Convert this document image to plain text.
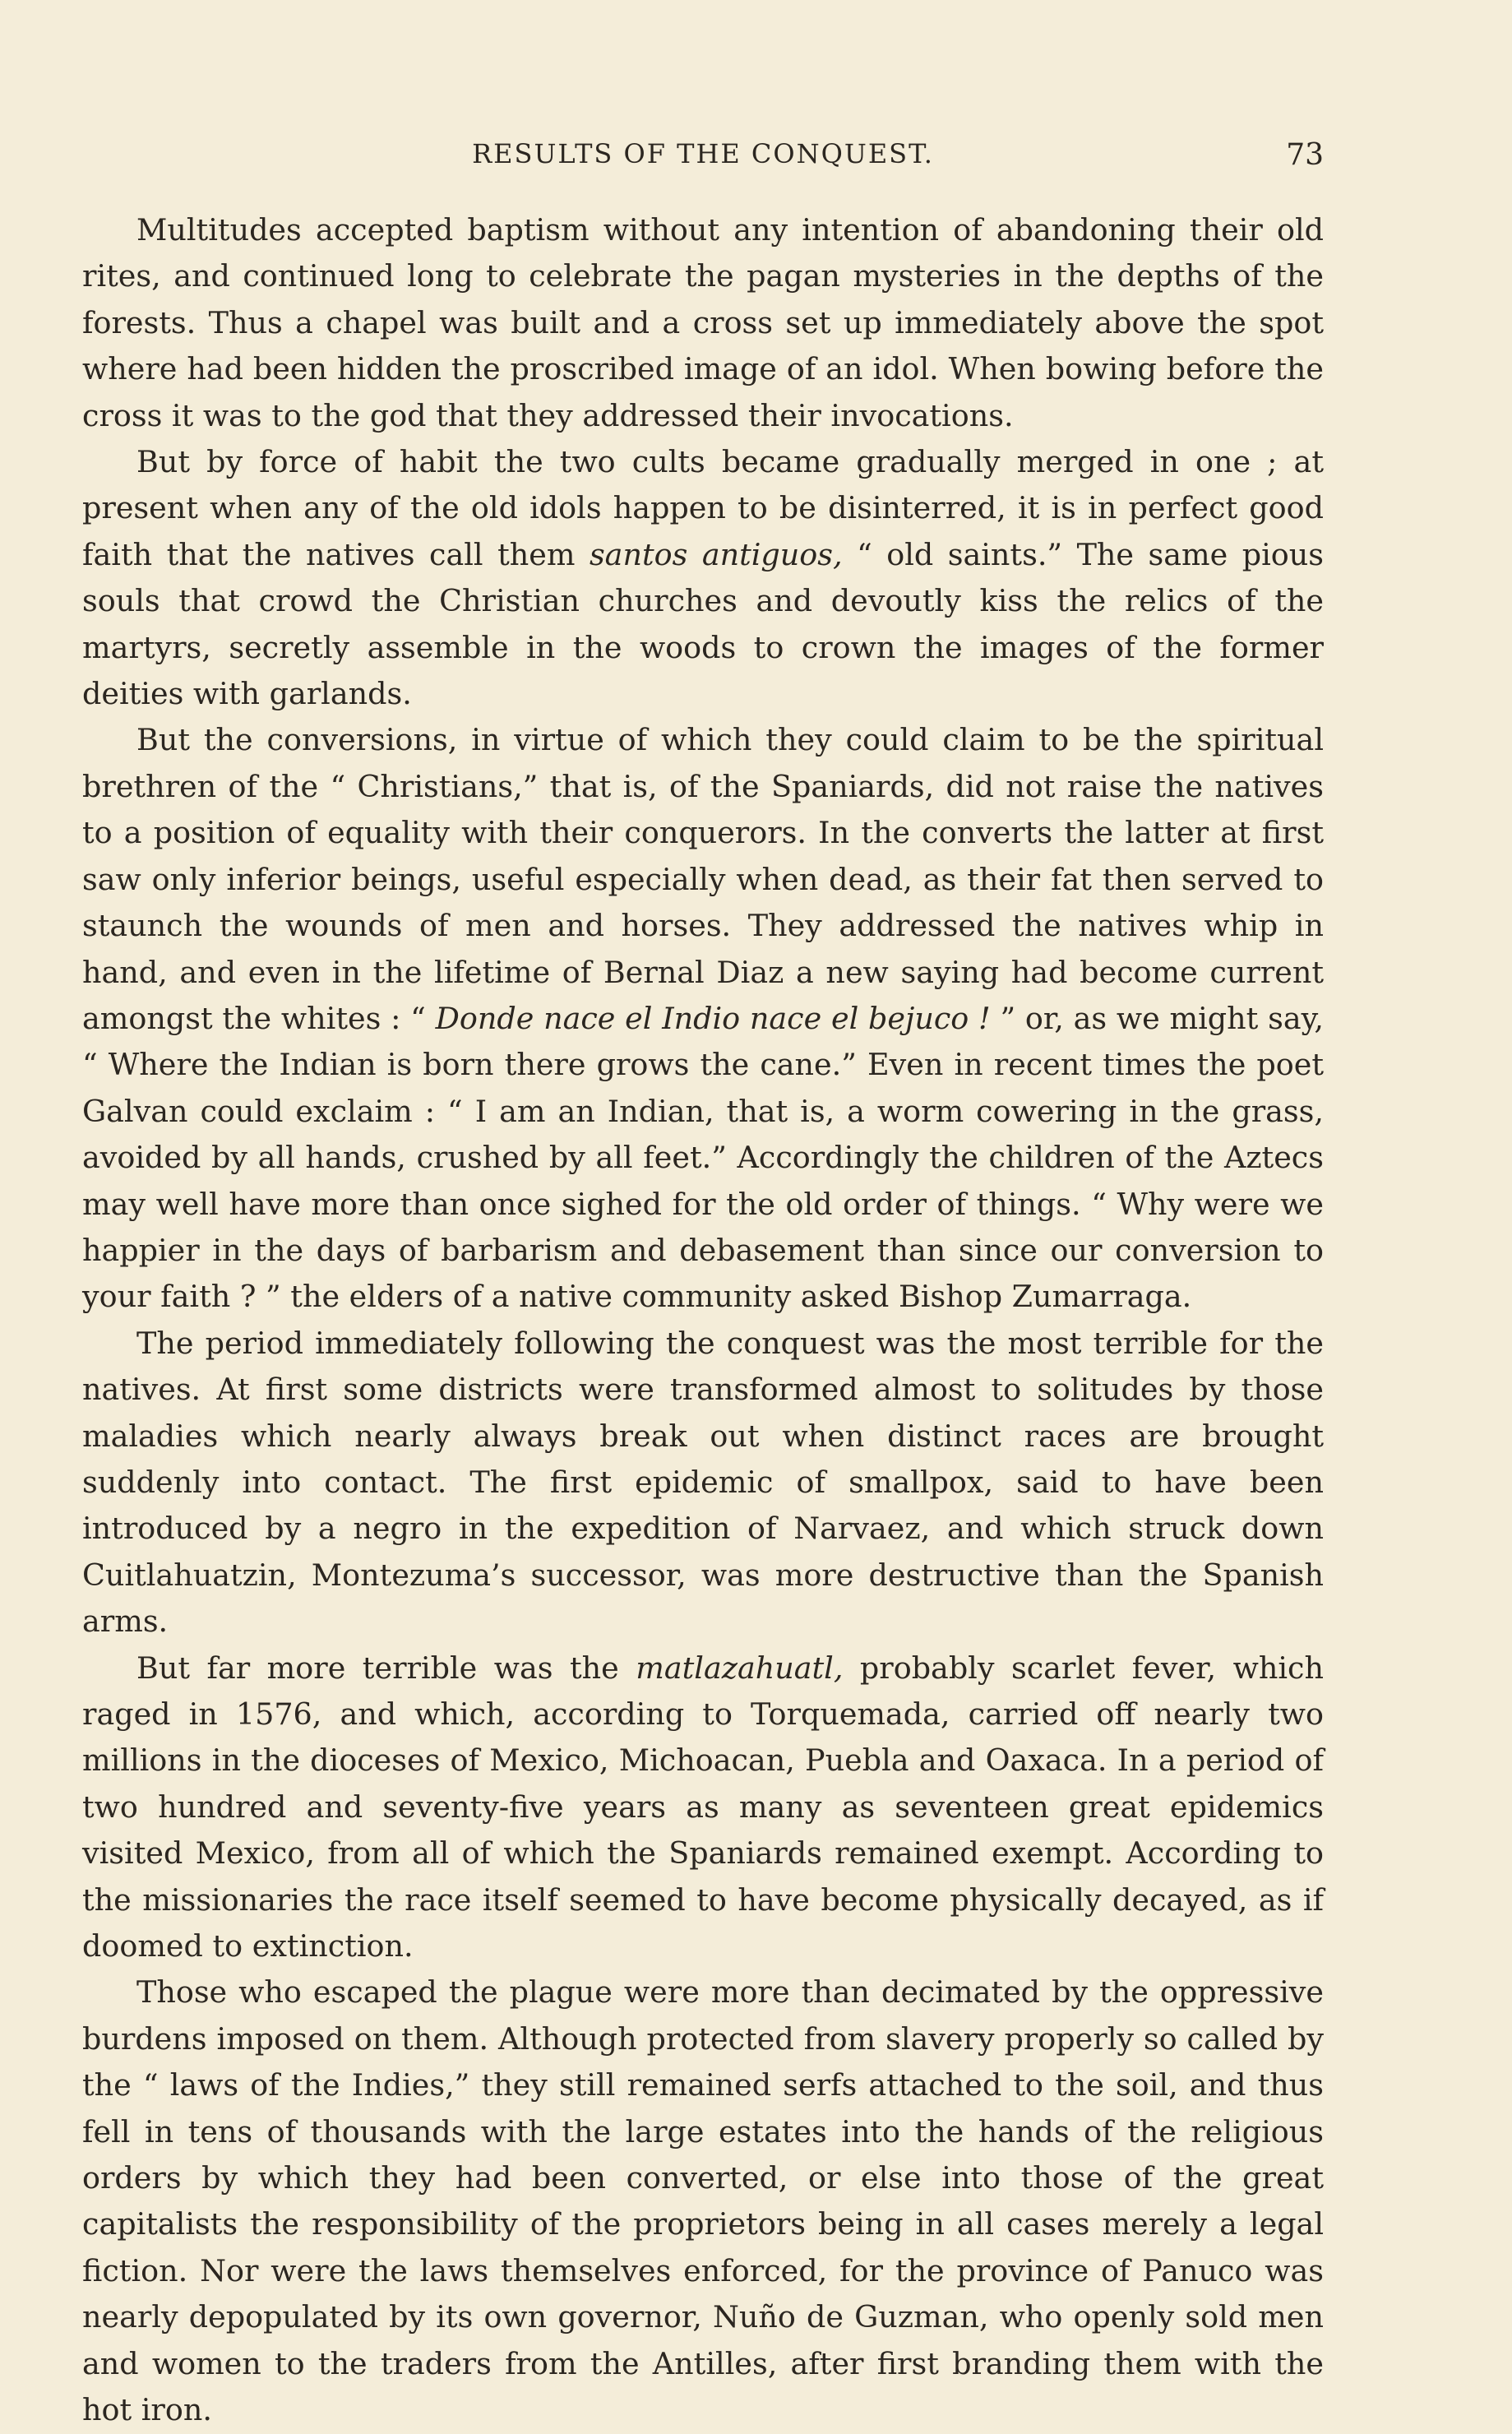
RESULTS OF THE CONQUEST.	73

Multitudes accepted baptism without any intention of abandoning their old rites, and continued long to celebrate the pagan mysteries in the depths of the forests. Thus a chapel was built and a cross set up immediately above the spot where had been hidden the proscribed image of an idol. When bowing before the cross it was to the god that they addressed their invocations.

But by force of habit the two cults became gradually merged in one ; at present when any of the old idols happen to be disinterred, it is in perfect good faith that the natives call them santos antiguos, “ old saints.” The same pious souls that crowd the Christian churches and devoutly kiss the relics of the martyrs, secretly assemble in the woods to crown the images of the former deities with garlands.

But the conversions, in virtue of which they could claim to be the spiritual brethren of the “ Christians,” that is, of the Spaniards, did not raise the natives to a position of equality with their conquerors. In the converts the latter at first saw only inferior beings, useful especially when dead, as their fat then served to staunch the wounds of men and horses. They addressed the natives whip in hand, and even in the lifetime of Bernal Diaz a new saying had become current amongst the whites : “ Donde nace el Indio nace el bejuco ! ” or, as we might say, “ Where the Indian is born there grows the cane.” Even in recent times the poet Galvan could exclaim : “ I am an Indian, that is, a worm cowering in the grass, avoided by all hands, crushed by all feet.” Accordingly the children of the Aztecs may well have more than once sighed for the old order of things. “ Why were we happier in the days of barbarism and debasement than since our conversion to your faith ? ” the elders of a native community asked Bishop Zumarraga.

The period immediately following the conquest was the most terrible for the natives. At first some districts were transformed almost to solitudes by those maladies which nearly always break out when distinct races are brought suddenly into contact. The first epidemic of smallpox, said to have been introduced by a negro in the expedition of Narvaez, and which struck down Cuitlahuatzin, Montezuma’s successor, was more destructive than the Spanish arms.

But far more terrible was the matlazahuatl, probably scarlet fever, which raged in 1576, and which, according to Torquemada, carried off nearly two millions in the dioceses of Mexico, Michoacan, Puebla and Oaxaca. In a period of two hundred and seventy-five years as many as seventeen great epidemics visited Mexico, from all of which the Spaniards remained exempt. According to the missionaries the race itself seemed to have become physically decayed, as if doomed to extinction.

Those who escaped the plague were more than decimated by the oppressive burdens imposed on them. Although protected from slavery properly so called by the “ laws of the Indies,” they still remained serfs attached to the soil, and thus fell in tens of thousands with the large estates into the hands of the religious orders by which they had been converted, or else into those of the great capitalists the responsibility of the proprietors being in all cases merely a legal fiction. Nor were the laws themselves enforced, for the province of Panuco was nearly depopulated by its own governor, Nuño de Guzman, who openly sold men and women to the traders from the Antilles, after first branding them with the hot iron.
